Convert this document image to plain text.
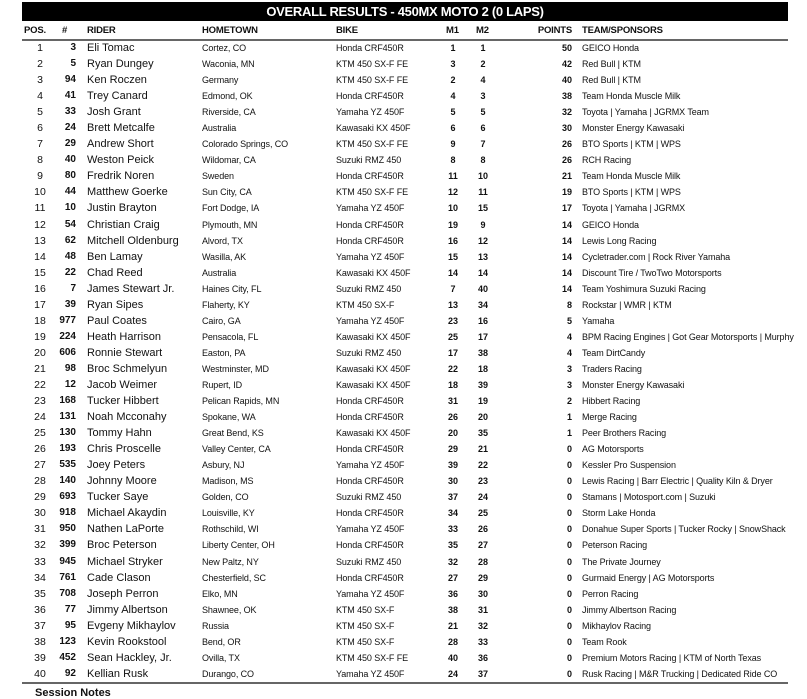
OVERALL RESULTS - 450MX MOTO 2 (0 LAPS)
POS.	# RIDER	HOMETOWN	BIKE	M1 M2	POINTS TEAM/SPONSORS
1	3 Eli Tomac	Cortez, CO	Honda CRF450R	1	1	50 GEICO Honda
2	5 Ryan Dungey	Waconia, MN	KTM 450 SX-F FE	3	2	42 Red Bull | KTM
3	94 Ken Roczen	Germany	KTM 450 SX-F FE	2	4	40 Red Bull | KTM
4	41 Trey Canard	Edmond, OK	Honda CRF450R	4	3	38 Team Honda Muscle Milk
5	33 Josh Grant	Riverside, CA	Yamaha YZ 450F	5	5	32 Toyota | Yamaha | JGRMX Team
6	24 Brett Metcalfe	Australia	Kawasaki KX 450F	6	6	30 Monster Energy Kawasaki
7	29 Andrew Short	Colorado Springs, CO	KTM 450 SX-F FE	9	7	26 BTO Sports | KTM | WPS
8	40 Weston Peick	Wildomar, CA	Suzuki RMZ 450	8	8	26 RCH Racing
9	80 Fredrik Noren	Sweden	Honda CRF450R	11	10	21 Team Honda Muscle Milk
10	44 Matthew Goerke	Sun City, CA	KTM 450 SX-F FE	12	11	19 BTO Sports | KTM | WPS
11	10 Justin Brayton	Fort Dodge, IA	Yamaha YZ 450F	10	15	17 Toyota | Yamaha | JGRMX
12	54 Christian Craig	Plymouth, MN	Honda CRF450R	19	9	14 GEICO Honda
13	62 Mitchell Oldenburg	Alvord, TX	Honda CRF450R	16	12	14 Lewis Long Racing
14	48 Ben Lamay	Wasilla, AK	Yamaha YZ 450F	15	13	14 Cycletrader.com | Rock River Yamaha
15	22 Chad Reed	Australia	Kawasaki KX 450F	14	14	14 Discount Tire / TwoTwo Motorsports
16	7 James Stewart Jr.	Haines City, FL	Suzuki RMZ 450	7	40	14 Team Yoshimura Suzuki Racing
17	39 Ryan Sipes	Flaherty, KY	KTM 450 SX-F	13	34	8 Rockstar | WMR | KTM
18	977 Paul Coates	Cairo, GA	Yamaha YZ 450F	23	16	5 Yamaha
19	224 Heath Harrison	Pensacola, FL	Kawasaki KX 450F	25	17	4 BPM Racing Engines | Got Gear Motorsports | Murphy
20	606 Ronnie Stewart	Easton, PA	Suzuki RMZ 450	17	38	4 Team DirtCandy
21	98 Broc Schmelyun	Westminster, MD	Kawasaki KX 450F	22	18	3 Traders Racing
22	12 Jacob Weimer	Rupert, ID	Kawasaki KX 450F	18	39	3 Monster Energy Kawasaki
23	168 Tucker Hibbert	Pelican Rapids, MN	Honda CRF450R	31	19	2 Hibbert Racing
24	131 Noah Mcconahy	Spokane, WA	Honda CRF450R	26	20	1 Merge Racing
25	130 Tommy Hahn	Great Bend, KS	Kawasaki KX 450F	20	35	1 Peer Brothers Racing
26	193 Chris Proscelle	Valley Center, CA	Honda CRF450R	29	21	0 AG Motorsports
27	535 Joey Peters	Asbury, NJ	Yamaha YZ 450F	39	22	0 Kessler Pro Suspension
28	140 Johnny Moore	Madison, MS	Honda CRF450R	30	23	0 Lewis Racing | Barr Electric | Quality Kiln & Dryer
29	693 Tucker Saye	Golden, CO	Suzuki RMZ 450	37	24	0 Stamans | Motosport.com | Suzuki
30	918 Michael Akaydin	Louisville, KY	Honda CRF450R	34	25	0 Storm Lake Honda
31	950 Nathen LaPorte	Rothschild, WI	Yamaha YZ 450F	33	26	0 Donahue Super Sports | Tucker Rocky | SnowShack
32	399 Broc Peterson	Liberty Center, OH	Honda CRF450R	35	27	0 Peterson Racing
33	945 Michael Stryker	New Paltz, NY	Suzuki RMZ 450	32	28	0 The Private Journey
34	761 Cade Clason	Chesterfield, SC	Honda CRF450R	27	29	0 Gurmaid Energy | AG Motorsports
35	708 Joseph Perron	Elko, MN	Yamaha YZ 450F	36	30	0 Perron Racing
36	77 Jimmy Albertson	Shawnee, OK	KTM 450 SX-F	38	31	0 Jimmy Albertson Racing
37	95 Evgeny Mikhaylov	Russia	KTM 450 SX-F	21	32	0 Mikhaylov Racing
38	123 Kevin Rookstool	Bend, OR	KTM 450 SX-F	28	33	0 Team Rook
39	452 Sean Hackley, Jr.	Ovilla, TX	KTM 450 SX-F FE	40	36	0 Premium Motors Racing | KTM of North Texas
40	92 Kellian Rusk	Durango, CO	Yamaha YZ 450F	24	37	0 Rusk Racing | M&R Trucking | Dedicated Ride CO
Session Notes
